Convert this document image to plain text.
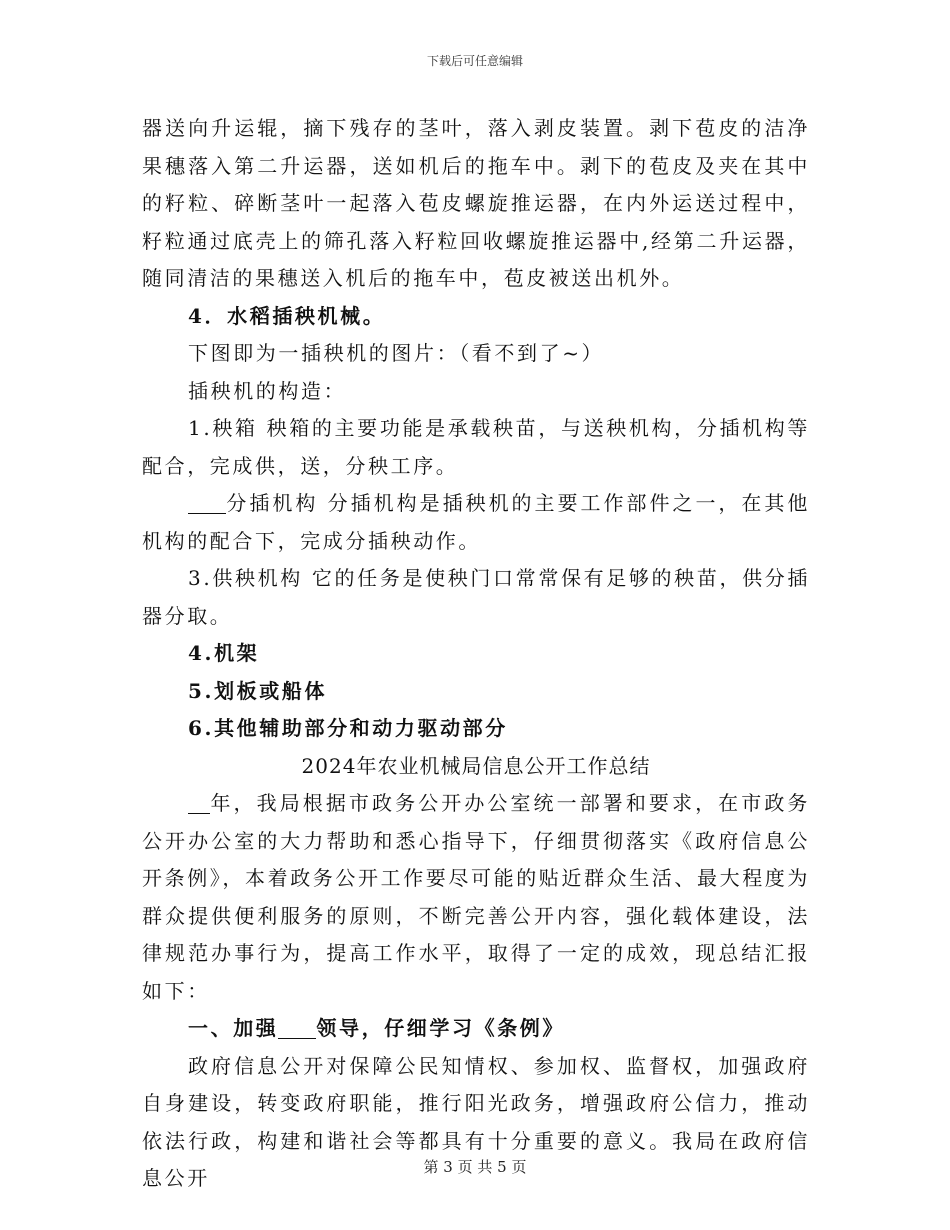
下载后可任意编辑

器送向升运辊，摘下残存的茎叶，落入剥皮装置。剥下苞皮的洁净果穗落入第二升运器，送如机后的拖车中。剥下的苞皮及夹在其中的籽粒、碎断茎叶一起落入苞皮螺旋推运器，在内外运送过程中，籽粒通过底壳上的筛孔落入籽粒回收螺旋推运器中,经第二升运器，随同清洁的果穗送入机后的拖车中，苞皮被送出机外。

4．水稻插秧机械。

下图即为一插秧机的图片：（看不到了~）

插秧机的构造：

1.秧箱 秧箱的主要功能是承载秧苗，与送秧机构，分插机构等配合，完成供，送，分秧工序。

分插机构 分插机构是插秧机的主要工作部件之一，在其他机构的配合下，完成分插秧动作。

3.供秧机构 它的任务是使秧门口常常保有足够的秧苗，供分插器分取。

4.机架

5.划板或船体

6.其他辅助部分和动力驱动部分

2024年农业机械局信息公开工作总结

年，我局根据市政务公开办公室统一部署和要求，在市政务公开办公室的大力帮助和悉心指导下，仔细贯彻落实《政府信息公开条例》，本着政务公开工作要尽可能的贴近群众生活、最大程度为群众提供便利服务的原则，不断完善公开内容，强化载体建设，法律规范办事行为，提高工作水平，取得了一定的成效，现总结汇报如下：

一、加强 领导，仔细学习《条例》

政府信息公开对保障公民知情权、参加权、监督权，加强政府自身建设，转变政府职能，推行阳光政务，增强政府公信力，推动依法行政，构建和谐社会等都具有十分重要的意义。我局在政府信息公开	第 3 页 共 5 页
